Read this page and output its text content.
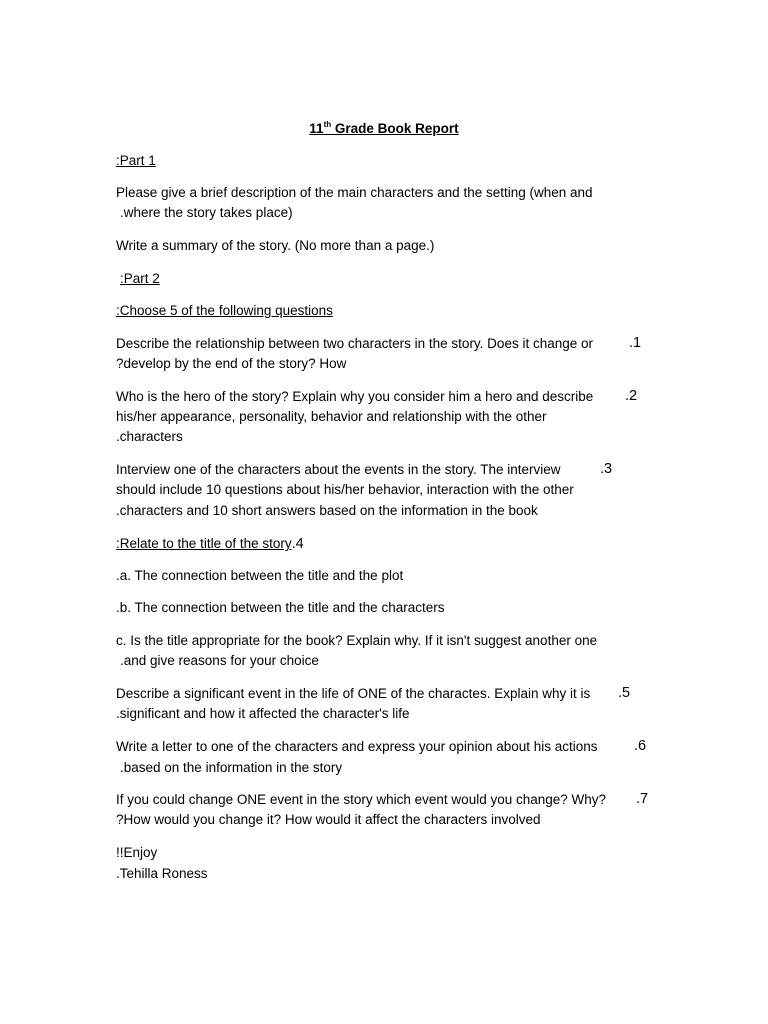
11th Grade Book Report
:Part 1
Please give a brief description of the main characters and the setting (when and
.where the story takes place)
Write a summary of the story. (No more than a page.)
:Part 2
:Choose 5 of the following questions
Describe the relationship between two characters in the story. Does it change or .1
?develop by the end of the story? How
Who is the hero of the story? Explain why you consider him a hero and describe .2
his/her appearance, personality, behavior and relationship with the other
.characters
Interview one of the characters about the events in the story. The interview	.3
should include 10 questions about his/her behavior, interaction with the other
.characters and 10 short answers based on the information in the book
:Relate to the title of the story.4
.a. The connection between the title and the plot
.b. The connection between the title and the characters
c. Is the title appropriate for the book? Explain why. If it isn't suggest another one
.and give reasons for your choice
Describe a significant event in the life of ONE of the charactes. Explain why it is .5
.significant and how it affected the character's life
Write a letter to one of the characters and express your opinion about his actions	.6
.based on the information in the story
If you could change ONE event in the story which event would you change? Why? .7
?How would you change it? How would it affect the characters involved
!!Enjoy
.Tehilla Roness
